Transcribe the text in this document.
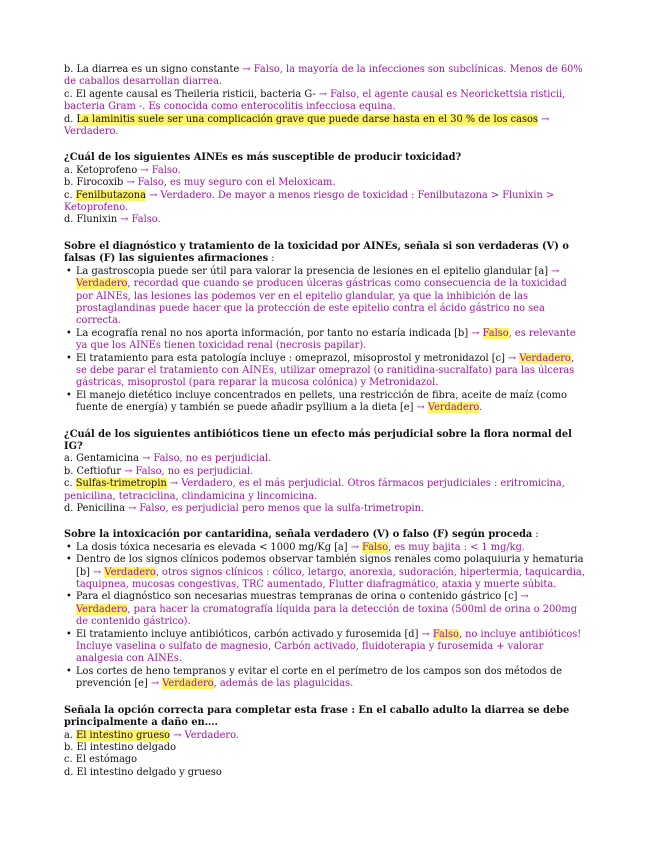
b. La diarrea es un signo constante → Falso, la mayoría de la infecciones son subclínicas. Menos de 60% de caballos desarrollan diarrea.

c. El agente causal es Theileria risticii, bacteria G- → Falso, el agente causal es Neorickettsia risticii, bacteria Gram -. Es conocida como enterocolitis infecciosa equina.

d. La laminitis suele ser una complicación grave que puede darse hasta en el 30 % de los casos → Verdadero.

¿Cuál de los siguientes AINEs es más susceptible de producir toxicidad?

a. Ketoprofeno → Falso.

b. Firocoxib → Falso, es muy seguro con el Meloxicam.

c. Fenilbutazona → Verdadero. De mayor a menos riesgo de toxicidad : Fenilbutazona > Flunixin > Ketoprofeno.

d. Flunixin → Falso.

Sobre el diagnóstico y tratamiento de la toxicidad por AINEs, señala si son verdaderas (V) o falsas (F) las siguientes afirmaciones :

• La gastroscopia puede ser útil para valorar la presencia de lesiones en el epitelio glandular [a] → Verdadero, recordad que cuando se producen úlceras gástricas como consecuencia de la toxicidad por AINEs, las lesiones las podemos ver en el epitelio glandular, ya que la inhibición de las prostaglandinas puede hacer que la protección de este epitelio contra el ácido gástrico no sea correcta.
• La ecografía renal no nos aporta información, por tanto no estaría indicada [b] → Falso, es relevante ya que los AINEs tienen toxicidad renal (necrosis papilar).
• El tratamiento para esta patología incluye : omeprazol, misoprostol y metronidazol [c] → Verdadero, se debe parar el tratamiento con AINEs, utilizar omeprazol (o ranitidina-sucralfato) para las úlceras gástricas, misoprostol (para reparar la mucosa colónica) y Metronidazol.
• El manejo dietético incluye concentrados en pellets, una restricción de fibra, aceite de maíz (como fuente de energía) y también se puede añadir psyllium a la dieta [e] → Verdadero.

¿Cuál de los siguientes antibióticos tiene un efecto más perjudicial sobre la flora normal del IG?

a. Gentamicina → Falso, no es perjudicial.

b. Ceftiofur → Falso, no es perjudicial.

c. Sulfas-trimetropin → Verdadero, es el más perjudicial. Otros fármacos perjudiciales : eritromicina, penicilina, tetraciclina, clindamicina y lincomicina.

d. Penicilina → Falso, es perjudicial pero menos que la sulfa-trimetropin.

Sobre la intoxicación por cantaridina, señala verdadero (V) o falso (F) según proceda :

• La dosis tóxica necesaria es elevada < 1000 mg/Kg [a] → Falso, es muy bajita : < 1 mg/kg.
• Dentro de los signos clínicos podemos observar también signos renales como polaquiuria y hematuria [b] → Verdadero, otros signos clínicos : cólico, letargo, anorexia, sudoración, hipertermia, taquicardia, taquipnea, mucosas congestivas, TRC aumentado, Flutter diafragmático, ataxia y muerte súbita.
• Para el diagnóstico son necesarias muestras tempranas de orina o contenido gástrico [c] → Verdadero, para hacer la cromatografía líquida para la detección de toxina (500ml de orina o 200mg de contenido gástrico).
• El tratamiento incluye antibióticos, carbón activado y furosemida [d] → Falso, no incluye antibióticos! Incluye vaselina o sulfato de magnesio, Carbón activado, fluidoterapia y furosemida + valorar analgesia con AINEs.
• Los cortes de heno tempranos y evitar el corte en el perímetro de los campos son dos métodos de prevención [e] → Verdadero, además de las plaguicidas.

Señala la opción correcta para completar esta frase : En el caballo adulto la diarrea se debe principalmente a daño en….

a. El intestino grueso → Verdadero.

b. El intestino delgado

c. El estómago

d. El intestino delgado y grueso
